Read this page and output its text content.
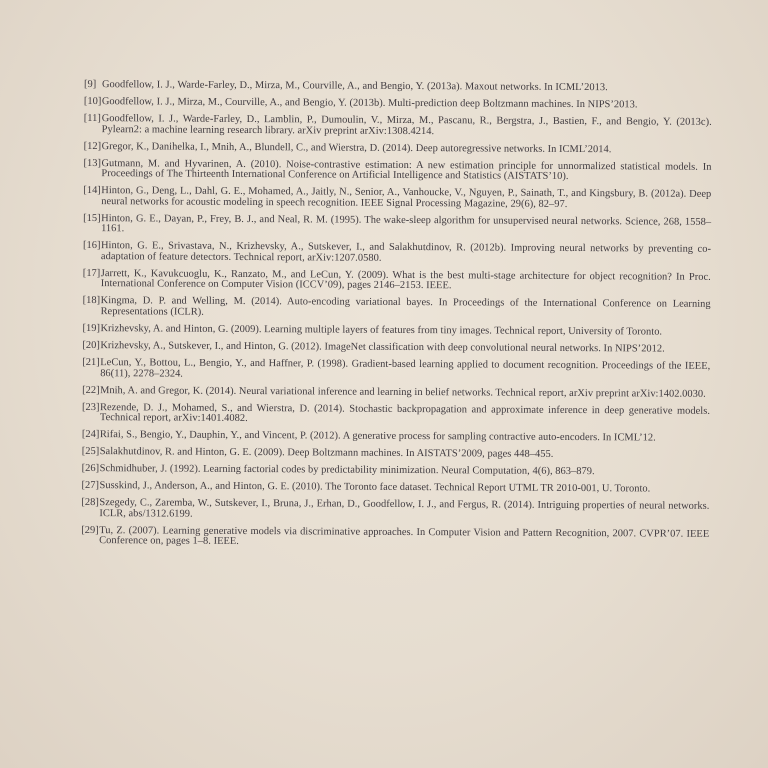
[9] Goodfellow, I. J., Warde-Farley, D., Mirza, M., Courville, A., and Bengio, Y. (2013a). Maxout networks. In ICML’2013.
[10] Goodfellow, I. J., Mirza, M., Courville, A., and Bengio, Y. (2013b). Multi-prediction deep Boltzmann machines. In NIPS’2013.
[11] Goodfellow, I. J., Warde-Farley, D., Lamblin, P., Dumoulin, V., Mirza, M., Pascanu, R., Bergstra, J., Bastien, F., and Bengio, Y. (2013c). Pylearn2: a machine learning research library. arXiv preprint arXiv:1308.4214.
[12] Gregor, K., Danihelka, I., Mnih, A., Blundell, C., and Wierstra, D. (2014). Deep autoregressive networks. In ICML’2014.
[13] Gutmann, M. and Hyvarinen, A. (2010). Noise-contrastive estimation: A new estimation principle for unnormalized statistical models. In Proceedings of The Thirteenth International Conference on Artificial Intelligence and Statistics (AISTATS’10).
[14] Hinton, G., Deng, L., Dahl, G. E., Mohamed, A., Jaitly, N., Senior, A., Vanhoucke, V., Nguyen, P., Sainath, T., and Kingsbury, B. (2012a). Deep neural networks for acoustic modeling in speech recognition. IEEE Signal Processing Magazine, 29(6), 82–97.
[15] Hinton, G. E., Dayan, P., Frey, B. J., and Neal, R. M. (1995). The wake-sleep algorithm for unsupervised neural networks. Science, 268, 1558–1161.
[16] Hinton, G. E., Srivastava, N., Krizhevsky, A., Sutskever, I., and Salakhutdinov, R. (2012b). Improving neural networks by preventing co-adaptation of feature detectors. Technical report, arXiv:1207.0580.
[17] Jarrett, K., Kavukcuoglu, K., Ranzato, M., and LeCun, Y. (2009). What is the best multi-stage architecture for object recognition? In Proc. International Conference on Computer Vision (ICCV’09), pages 2146–2153. IEEE.
[18] Kingma, D. P. and Welling, M. (2014). Auto-encoding variational bayes. In Proceedings of the International Conference on Learning Representations (ICLR).
[19] Krizhevsky, A. and Hinton, G. (2009). Learning multiple layers of features from tiny images. Technical report, University of Toronto.
[20] Krizhevsky, A., Sutskever, I., and Hinton, G. (2012). ImageNet classification with deep convolutional neural networks. In NIPS’2012.
[21] LeCun, Y., Bottou, L., Bengio, Y., and Haffner, P. (1998). Gradient-based learning applied to document recognition. Proceedings of the IEEE, 86(11), 2278–2324.
[22] Mnih, A. and Gregor, K. (2014). Neural variational inference and learning in belief networks. Technical report, arXiv preprint arXiv:1402.0030.
[23] Rezende, D. J., Mohamed, S., and Wierstra, D. (2014). Stochastic backpropagation and approximate inference in deep generative models. Technical report, arXiv:1401.4082.
[24] Rifai, S., Bengio, Y., Dauphin, Y., and Vincent, P. (2012). A generative process for sampling contractive auto-encoders. In ICML’12.
[25] Salakhutdinov, R. and Hinton, G. E. (2009). Deep Boltzmann machines. In AISTATS’2009, pages 448–455.
[26] Schmidhuber, J. (1992). Learning factorial codes by predictability minimization. Neural Computation, 4(6), 863–879.
[27] Susskind, J., Anderson, A., and Hinton, G. E. (2010). The Toronto face dataset. Technical Report UTML TR 2010-001, U. Toronto.
[28] Szegedy, C., Zaremba, W., Sutskever, I., Bruna, J., Erhan, D., Goodfellow, I. J., and Fergus, R. (2014). Intriguing properties of neural networks. ICLR, abs/1312.6199.
[29] Tu, Z. (2007). Learning generative models via discriminative approaches. In Computer Vision and Pattern Recognition, 2007. CVPR’07. IEEE Conference on, pages 1–8. IEEE.
